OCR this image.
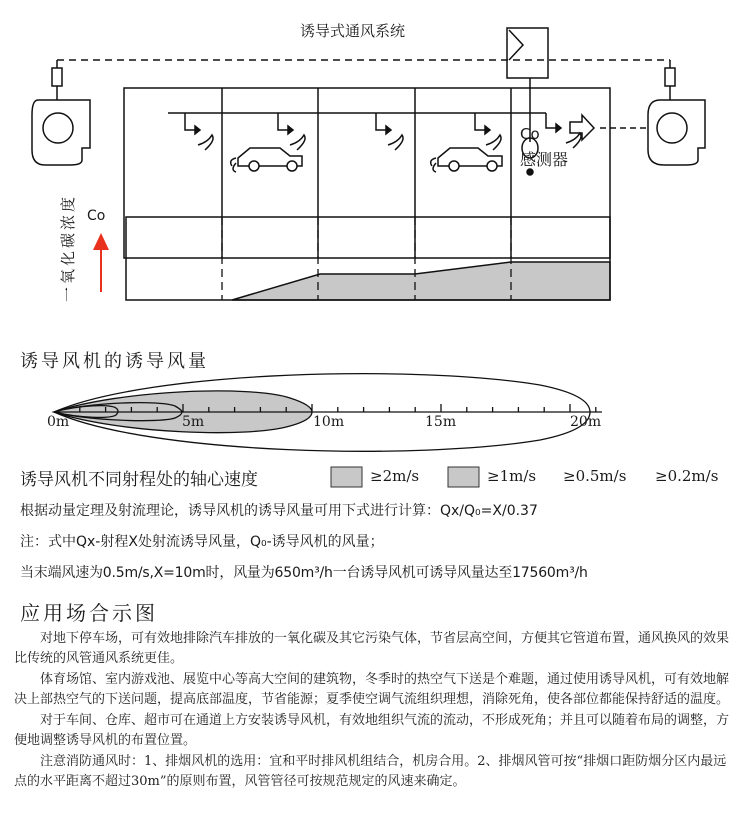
诱导式通风系统
Co
感测器
一氧化碳浓度 Co
诱导风机的诱导风量
0m	5m	10m	15m	20m
诱导风机不同射程处的轴心速度	≥2m/s	≥1m/s ≥0.5m/s ≥0.2m/s
根据动量定理及射流理论，诱导风机的诱导风量可用下式进行计算：Qx/Q₀=X/0.37
注：式中Qx-射程X处射流诱导风量，Q₀-诱导风机的风量；
当末端风速为0.5m/s,X=10m时，风量为650m³/h一台诱导风机可诱导风量达至17560m³/h
应用场合示图

对地下停车场，可有效地排除汽车排放的一氧化碳及其它污染气体，节省层高空间，方便其它管道布置，通风换风的效果比传统的风管通风系统更佳。

体育场馆、室内游戏池、展览中心等高大空间的建筑物，冬季时的热空气下送是个难题，通过使用诱导风机，可有效地解决上部热空气的下送问题，提高底部温度，节省能源；夏季使空调气流组织理想，消除死角，使各部位都能保持舒适的温度。

对于车间、仓库、超市可在通道上方安装诱导风机，有效地组织气流的流动，不形成死角；并且可以随着布局的调整，方便地调整诱导风机的布置位置。

注意消防通风时：1、排烟风机的选用：宜和平时排风机组结合，机房合用。2、排烟风管可按“排烟口距防烟分区内最远点的水平距离不超过30m”的原则布置，风管管径可按规范规定的风速来确定。
